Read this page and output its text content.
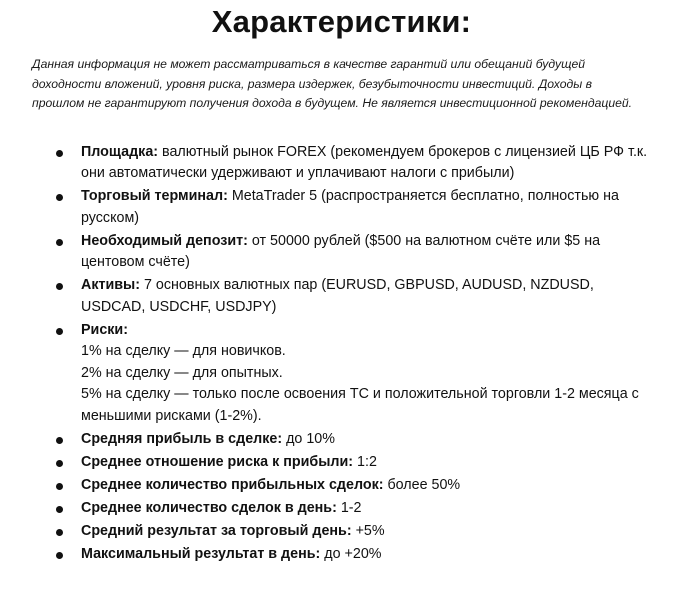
Характеристики:

Данная информация не может рассматриваться в качестве гарантий или обещаний будущей доходности вложений, уровня риска, размера издержек, безубыточности инвестиций. Доходы в прошлом не гарантируют получения дохода в будущем. Не является инвестиционной рекомендацией.

Площадка: валютный рынок FOREX (рекомендуем брокеров с лицензией ЦБ РФ т.к. они автоматически удерживают и уплачивают налоги с прибыли)
Торговый терминал: MetaTrader 5 (распространяется бесплатно, полностью на русском)
Необходимый депозит: от 50000 рублей ($500 на валютном счёте или $5 на центовом счёте)
Активы: 7 основных валютных пар (EURUSD, GBPUSD, AUDUSD, NZDUSD, USDCAD, USDCHF, USDJPY)
Риски:
1% на сделку — для новичков.
2% на сделку — для опытных.
5% на сделку — только после освоения ТС и положительной торговли 1-2 месяца с меньшими рисками (1-2%).
Средняя прибыль в сделке: до 10%
Среднее отношение риска к прибыли: 1:2
Среднее количество прибыльных сделок: более 50%
Среднее количество сделок в день: 1-2
Средний результат за торговый день: +5%
Максимальный результат в день: до +20%
